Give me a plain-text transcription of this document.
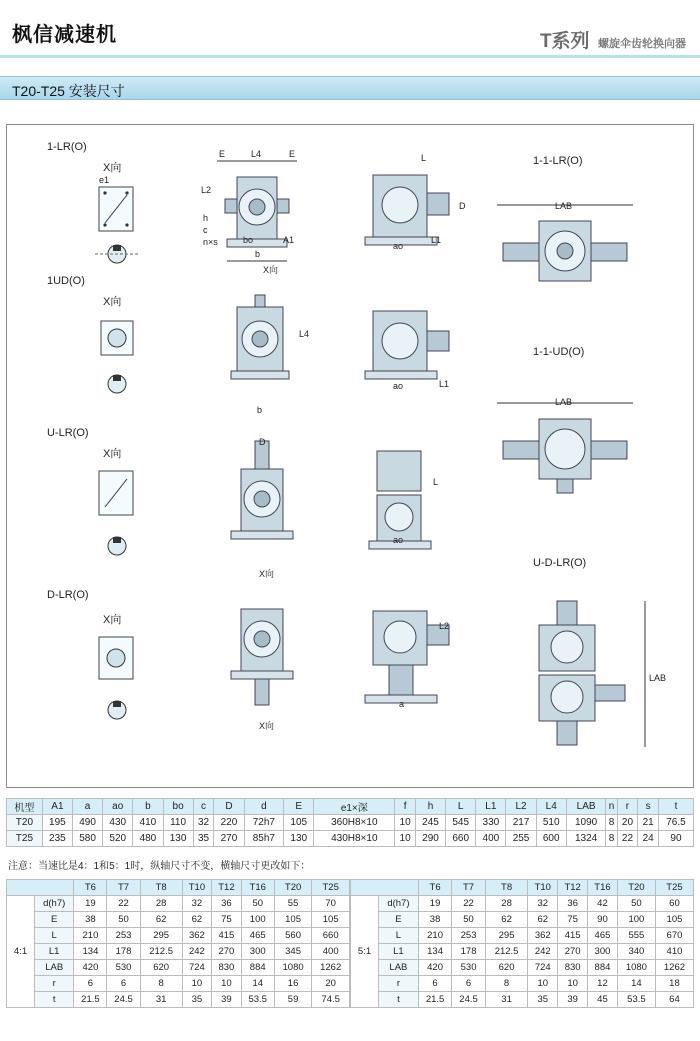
枫信减速机	T系列 螺旋伞齿轮换向器
T20-T25 安装尺寸
1-LR(O)
1UD(O)
U-LR(O)
D-LR(O)
1-1-LR(O)
1-1-UD(O)
U-D-LR(O)
X向
e1
X向
X向
X向
E	L4	E
L2
h
c
n×s	bo	A1
b
X向
L4
b
D
X向
X向
L
D
ao
L1
ao	L1
L
ao
L2
a
LAB
LAB
LAB
机型	A1	a	ao	b	bo	c	D	d	E	e1×深	f	h	L	L1	L2	L4	LAB	n	r	s	t
T20	195	490	430	410	110	32	220	72h7	105	360H8×10	10	245	545	330	217	510	1090	8	20	21	76.5
T25	235	580	520	480	130	35	270	85h7	130	430H8×10	10	290	660	400	255	600	1324	8	22	24	90
注意：当速比是4：1和5：1时，纵轴尺寸不变，横轴尺寸更改如下：
		T6	T7	T8	T10	T12	T16	T20	T25
4:1	d(h7)	19	22	28	32	36	50	55	70
	E	38	50	62	62	75	100	105	105
	L	210	253	295	362	415	465	560	660
	L1	134	178	212.5	242	270	300	345	400
	LAB	420	530	620	724	830	884	1080	1262
	r	6	6	8	10	10	14	16	20
	t	21.5	24.5	31	35	39	53.5	59	74.5
		T6	T7	T8	T10	T12	T16	T20	T25
5:1	d(h7)	19	22	28	32	36	42	50	60
	E	38	50	62	62	75	90	100	105
	L	210	253	295	362	415	465	555	670
	L1	134	178	212.5	242	270	300	340	410
	LAB	420	530	620	724	830	884	1080	1262
	r	6	6	8	10	10	12	14	18
	t	21.5	24.5	31	35	39	45	53.5	64
